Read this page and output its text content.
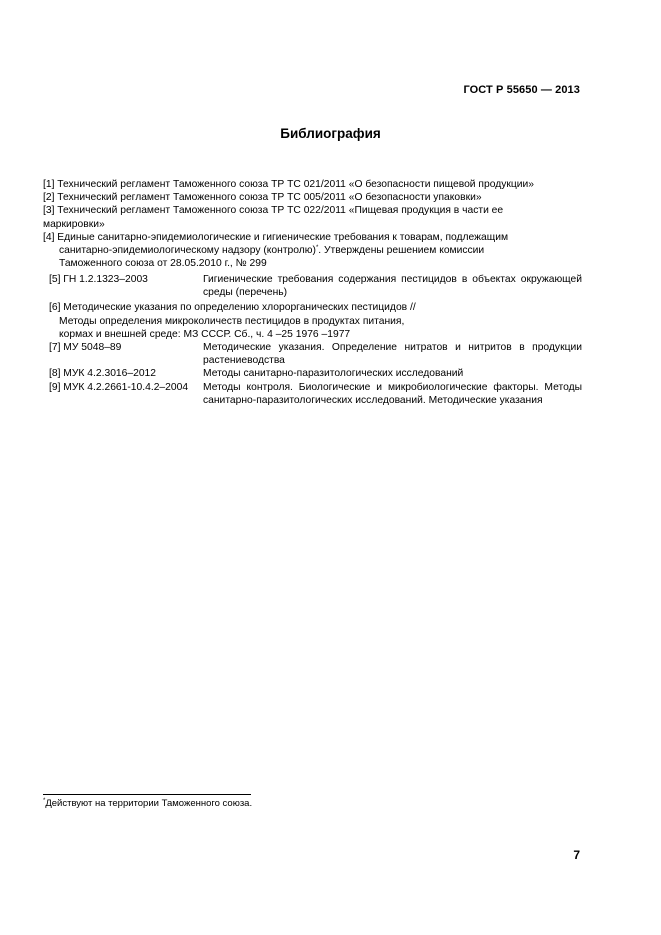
ГОСТ Р 55650 — 2013
Библиография

[1] Технический регламент Таможенного союза ТР ТС 021/2011 «О безопасности пищевой продукции»

[2] Технический регламент Таможенного союза ТР ТС 005/2011 «О безопасности упаковки»

[3] Технический регламент Таможенного союза ТР ТС 022/2011 «Пищевая продукция в части ее
маркировки»

[4] Единые санитарно-эпидемиологические и гигиенические требования к товарам, подлежащим
санитарно-эпидемиологическому надзору (контролю)*. Утверждены решением комиссии
Таможенного союза от 28.05.2010 г., № 299

[5] ГН 1.2.1323–2003	Гигиенические требования содержания пестицидов в объектах окружающей среды (перечень)
[6] Методические указания по определению хлорорганических пестицидов //
Методы определения микроколичеств пестицидов в продуктах питания,
кормах и внешней среде: МЗ СССР. Сб., ч. 4 –25 1976 –1977
[7] МУ 5048–89	Методические указания. Определение нитратов и нитритов в продукции растениеводства
[8] МУК 4.2.3016–2012	Методы санитарно-паразитологических исследований
[9] МУК 4.2.2661-10.4.2–2004	Методы контроля. Биологические и микробиологические факторы. Методы санитарно-паразитологических исследований. Методические указания
*Действуют на территории Таможенного союза.
7
